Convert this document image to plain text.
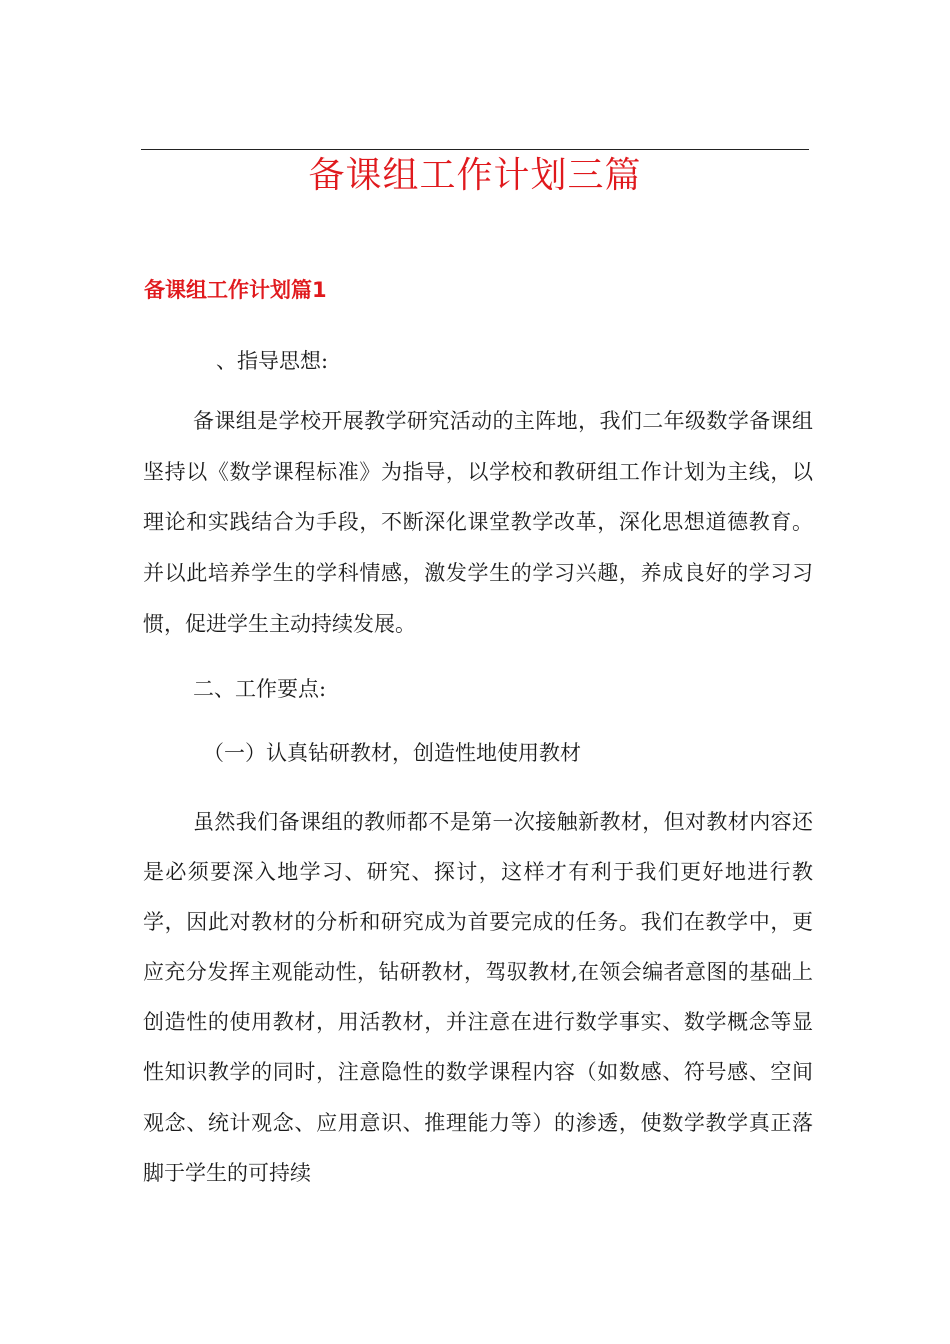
备课组工作计划三篇
备课组工作计划篇1
、指导思想:

备课组是学校开展教学研究活动的主阵地，我们二年级数学备课组坚持以《数学课程标准》为指导，以学校和教研组工作计划为主线，以理论和实践结合为手段，不断深化课堂教学改革，深化思想道德教育。并以此培养学生的学科情感，激发学生的学习兴趣，养成良好的学习习惯，促进学生主动持续发展。

二、工作要点:
（一）认真钻研教材，创造性地使用教材

虽然我们备课组的教师都不是第一次接触新教材，但对教材内容还是必须要深入地学习、研究、探讨，这样才有利于我们更好地进行教学，因此对教材的分析和研究成为首要完成的任务。我们在教学中，更应充分发挥主观能动性，钻研教材，驾驭教材,在领会编者意图的基础上创造性的使用教材，用活教材，并注意在进行数学事实、数学概念等显性知识教学的同时，注意隐性的数学课程内容（如数感、符号感、空间观念、统计观念、应用意识、推理能力等）的渗透，使数学教学真正落脚于学生的可持续
